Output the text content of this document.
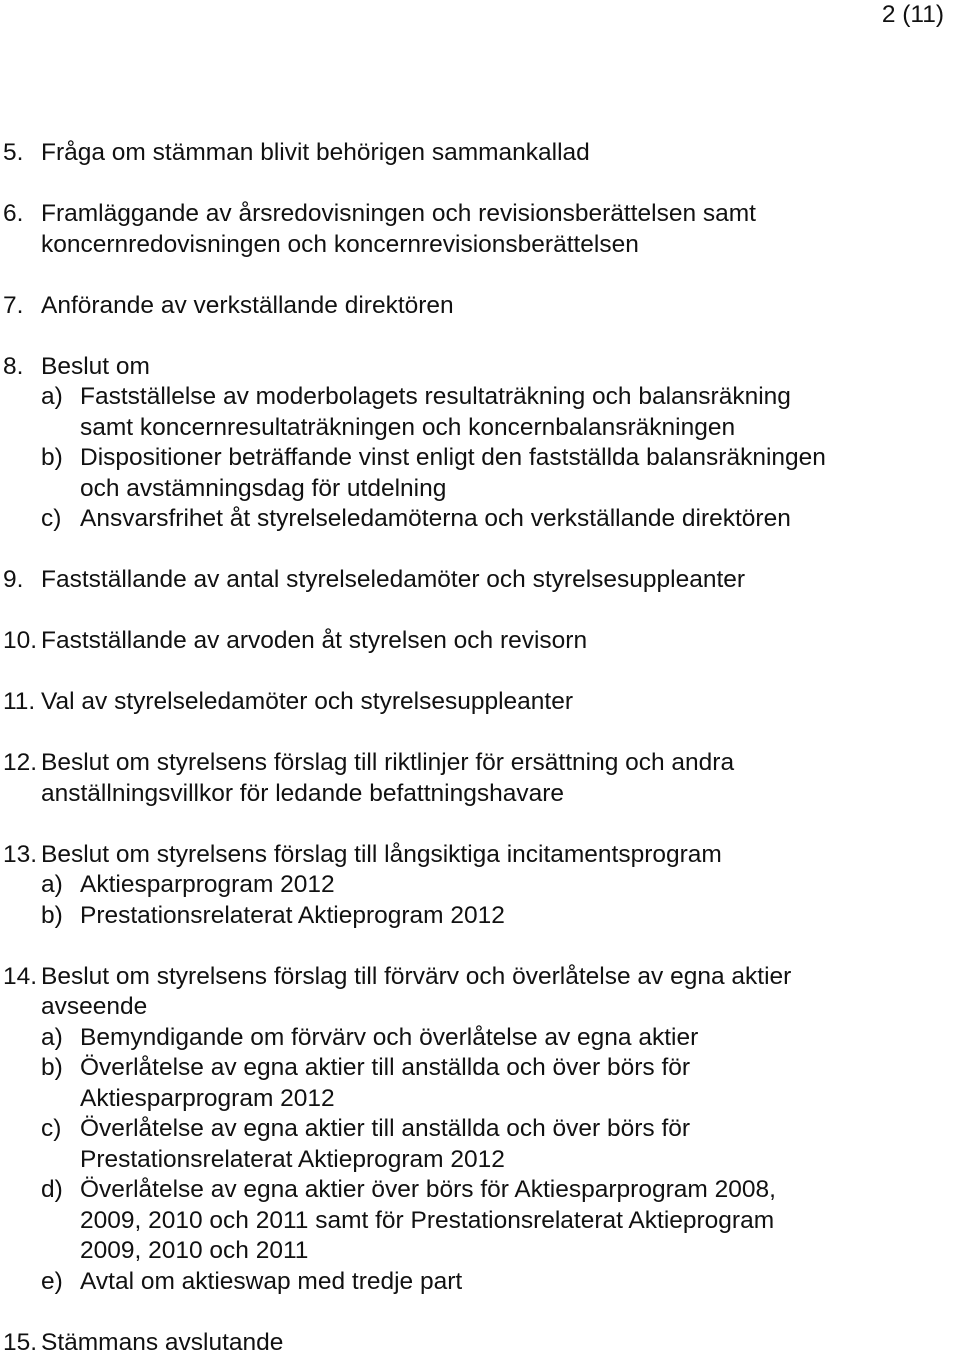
2 (11)
5. Fråga om stämman blivit behörigen sammankallad
6. Framläggande av årsredovisningen och revisionsberättelsen samt
koncernredovisningen och koncernrevisionsberättelsen
7. Anförande av verkställande direktören
8. Beslut om
a) Fastställelse av moderbolagets resultaträkning och balansräkning
samt koncernresultaträkningen och koncernbalansräkningen
b) Dispositioner beträffande vinst enligt den fastställda balansräkningen
och avstämningsdag för utdelning
c) Ansvarsfrihet åt styrelseledamöterna och verkställande direktören
9. Fastställande av antal styrelseledamöter och styrelsesuppleanter
10. Fastställande av arvoden åt styrelsen och revisorn
11. Val av styrelseledamöter och styrelsesuppleanter
12. Beslut om styrelsens förslag till riktlinjer för ersättning och andra
anställningsvillkor för ledande befattningshavare
13. Beslut om styrelsens förslag till långsiktiga incitamentsprogram
a) Aktiesparprogram 2012
b) Prestationsrelaterat Aktieprogram 2012
14. Beslut om styrelsens förslag till förvärv och överlåtelse av egna aktier
avseende
a) Bemyndigande om förvärv och överlåtelse av egna aktier
b) Överlåtelse av egna aktier till anställda och över börs för
Aktiesparprogram 2012
c) Överlåtelse av egna aktier till anställda och över börs för
Prestationsrelaterat Aktieprogram 2012
d) Överlåtelse av egna aktier över börs för Aktiesparprogram 2008,
2009, 2010 och 2011 samt för Prestationsrelaterat Aktieprogram
2009, 2010 och 2011
e) Avtal om aktieswap med tredje part
15. Stämmans avslutande
